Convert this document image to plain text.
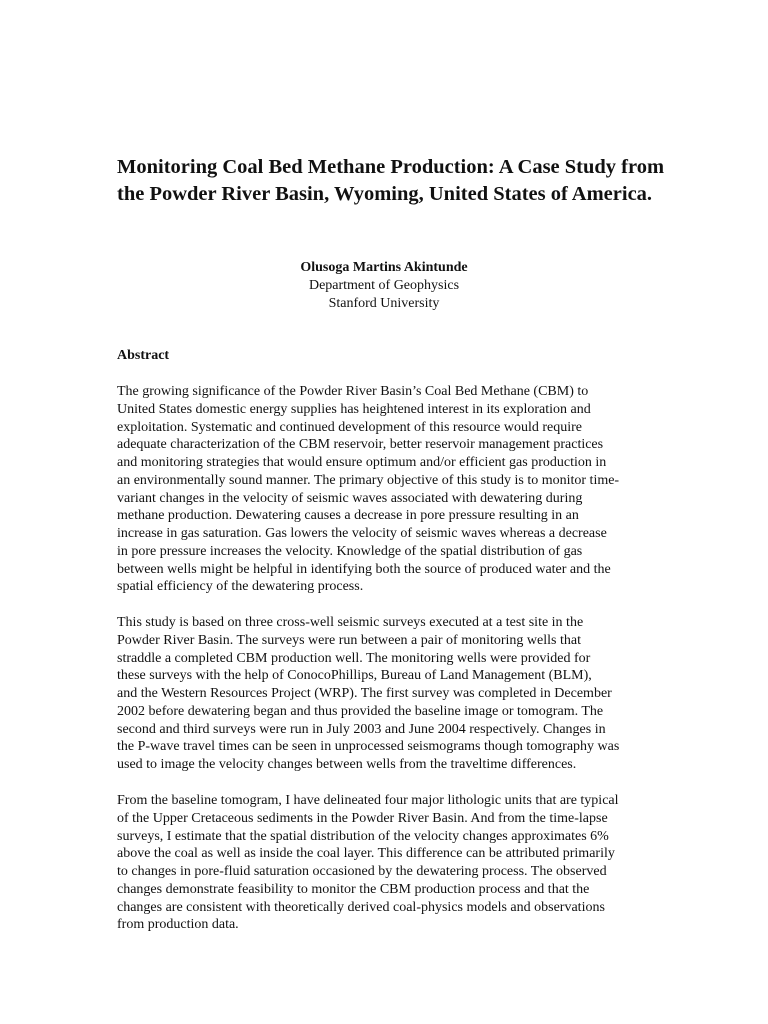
Monitoring Coal Bed Methane Production: A Case Study from
the Powder River Basin, Wyoming, United States of America.
Olusoga Martins Akintunde
Department of Geophysics
Stanford University
Abstract

The growing significance of the Powder River Basin’s Coal Bed Methane (CBM) to
United States domestic energy supplies has heightened interest in its exploration and
exploitation. Systematic and continued development of this resource would require
adequate characterization of the CBM reservoir, better reservoir management practices
and monitoring strategies that would ensure optimum and/or efficient gas production in
an environmentally sound manner. The primary objective of this study is to monitor time-
variant changes in the velocity of seismic waves associated with dewatering during
methane production. Dewatering causes a decrease in pore pressure resulting in an
increase in gas saturation. Gas lowers the velocity of seismic waves whereas a decrease
in pore pressure increases the velocity. Knowledge of the spatial distribution of gas
between wells might be helpful in identifying both the source of produced water and the
spatial efficiency of the dewatering process.

This study is based on three cross-well seismic surveys executed at a test site in the
Powder River Basin. The surveys were run between a pair of monitoring wells that
straddle a completed CBM production well. The monitoring wells were provided for
these surveys with the help of ConocoPhillips, Bureau of Land Management (BLM),
and the Western Resources Project (WRP). The first survey was completed in December
2002 before dewatering began and thus provided the baseline image or tomogram. The
second and third surveys were run in July 2003 and June 2004 respectively. Changes in
the P-wave travel times can be seen in unprocessed seismograms though tomography was
used to image the velocity changes between wells from the traveltime differences.

From the baseline tomogram, I have delineated four major lithologic units that are typical
of the Upper Cretaceous sediments in the Powder River Basin. And from the time-lapse
surveys, I estimate that the spatial distribution of the velocity changes approximates 6%
above the coal as well as inside the coal layer. This difference can be attributed primarily
to changes in pore-fluid saturation occasioned by the dewatering process. The observed
changes demonstrate feasibility to monitor the CBM production process and that the
changes are consistent with theoretically derived coal-physics models and observations
from production data.
